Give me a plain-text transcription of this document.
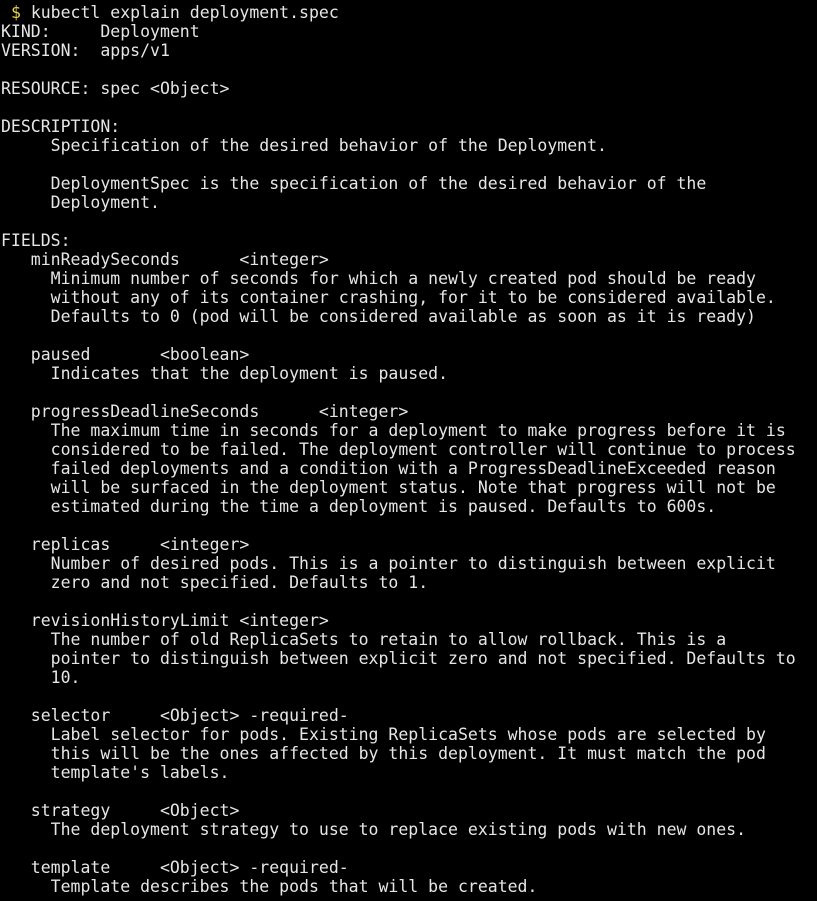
$ kubectl explain deployment.spec
KIND:     Deployment
VERSION:  apps/v1
RESOURCE: spec <Object>
DESCRIPTION:
Specification of the desired behavior of the Deployment.
DeploymentSpec is the specification of the desired behavior of the
Deployment.
FIELDS:
minReadySeconds      <integer>
Minimum number of seconds for which a newly created pod should be ready
without any of its container crashing, for it to be considered available.
Defaults to 0 (pod will be considered available as soon as it is ready)
paused       <boolean>
Indicates that the deployment is paused.
progressDeadlineSeconds      <integer>
The maximum time in seconds for a deployment to make progress before it is
considered to be failed. The deployment controller will continue to process
failed deployments and a condition with a ProgressDeadlineExceeded reason
will be surfaced in the deployment status. Note that progress will not be
estimated during the time a deployment is paused. Defaults to 600s.
replicas     <integer>
Number of desired pods. This is a pointer to distinguish between explicit
zero and not specified. Defaults to 1.
revisionHistoryLimit <integer>
The number of old ReplicaSets to retain to allow rollback. This is a
pointer to distinguish between explicit zero and not specified. Defaults to
10.
selector     <Object> -required-
Label selector for pods. Existing ReplicaSets whose pods are selected by
this will be the ones affected by this deployment. It must match the pod
template's labels.
strategy     <Object>
The deployment strategy to use to replace existing pods with new ones.
template     <Object> -required-
Template describes the pods that will be created.
